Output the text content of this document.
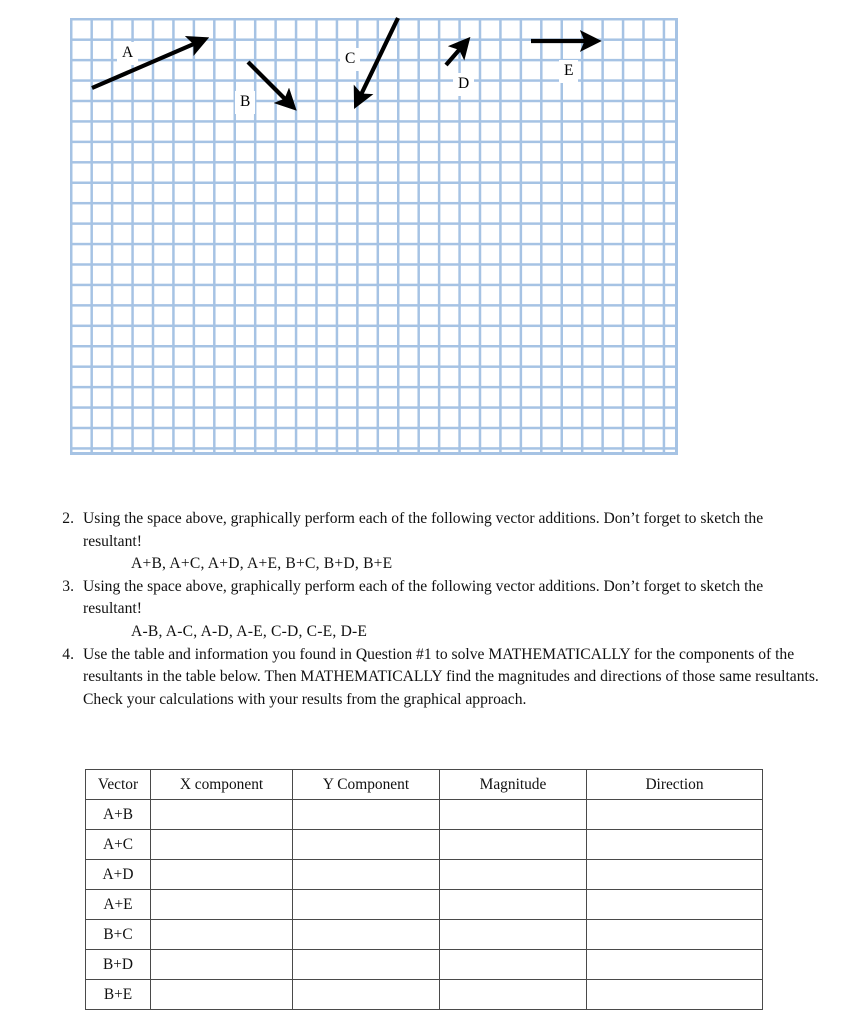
A
B
C
D
E
2. Using the space above, graphically perform each of the following vector additions. Don’t forget to sketch the resultant!
A+B, A+C, A+D, A+E, B+C, B+D, B+E
3. Using the space above, graphically perform each of the following vector additions. Don’t forget to sketch the resultant!
A-B, A-C, A-D, A-E, C-D, C-E, D-E
4. Use the table and information you found in Question #1 to solve MATHEMATICALLY for the components of the resultants in the table below. Then MATHEMATICALLY find the magnitudes and directions of those same resultants. Check your calculations with your results from the graphical approach.
Vector	X component	Y Component	Magnitude	Direction
A+B				
A+C				
A+D				
A+E				
B+C				
B+D				
B+E				
